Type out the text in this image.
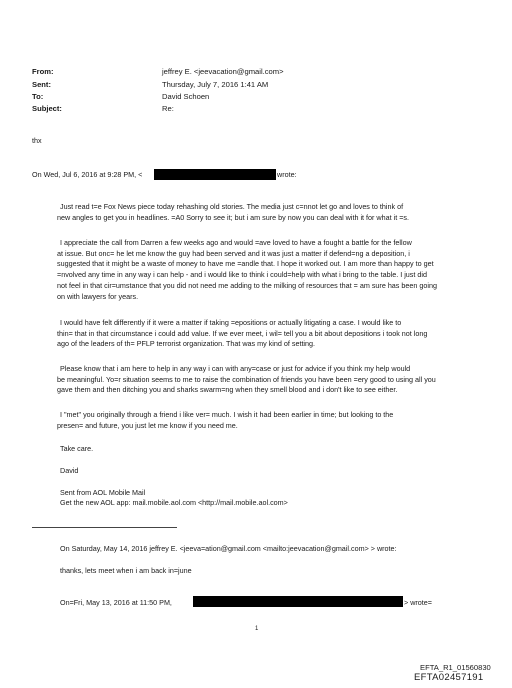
From:	jeffrey E. <jeevacation@gmail.com>
Sent:	Thursday, July 7, 2016 1:41 AM
To:	David Schoen
Subject:	Re:
thx
On Wed, Jul 6, 2016 at 9:28 PM, <	wrote:
Just read t=e Fox News piece today rehashing old stories. The media just c=nnot let go and loves to think of
new angles to get you in headlines. =A0 Sorry to see it; but i am sure by now you can deal with it for what it =s.
I appreciate the call from Darren a few weeks ago and would =ave loved to have a fought a battle for the fellow
at issue. But onc= he let me know the guy had been served and it was just a matter if defend=ng a deposition, i
suggested that it might be a waste of money to have me =andle that. I hope it worked out. I am more than happy to get
=nvolved any time in any way i can help - and i would like to think i could=help with what i bring to the table. I just did
not feel in that cir=umstance that you did not need me adding to the milking of resources that = am sure has been going
on with lawyers for years.
I would have felt differently if it were a matter if taking =epositions or actually litigating a case. I would like to
thin= that in that circumstance i could add value. If we ever meet, i wil= tell you a bit about depositions i took not long
ago of the leaders of th= PFLP terrorist organization. That was my kind of setting.
Please know that i am here to help in any way i can with any=case or just for advice if you think my help would
be meaningful. Yo=r situation seems to me to raise the combination of friends you have been =ery good to using all you
gave them and then ditching you and sharks swarm=ng when they smell blood and i don't like to see either.
I "met" you originally through a friend i like ver= much. I wish it had been earlier in time; but looking to the
presen= and future, you just let me know if you need me.
Take care.
David
Sent from AOL Mobile Mail
Get the new AOL app: mail.mobile.aol.com <http://mail.mobile.aol.com>
On Saturday, May 14, 2016 jeffrey E. <jeeva=ation@gmail.com <mailto:jeevacation@gmail.com> > wrote:
thanks, lets meet when i am back in=june
On=Fri, May 13, 2016 at 11:50 PM,	> wrote=
1
EFTA_R1_01560830
EFTA02457191
